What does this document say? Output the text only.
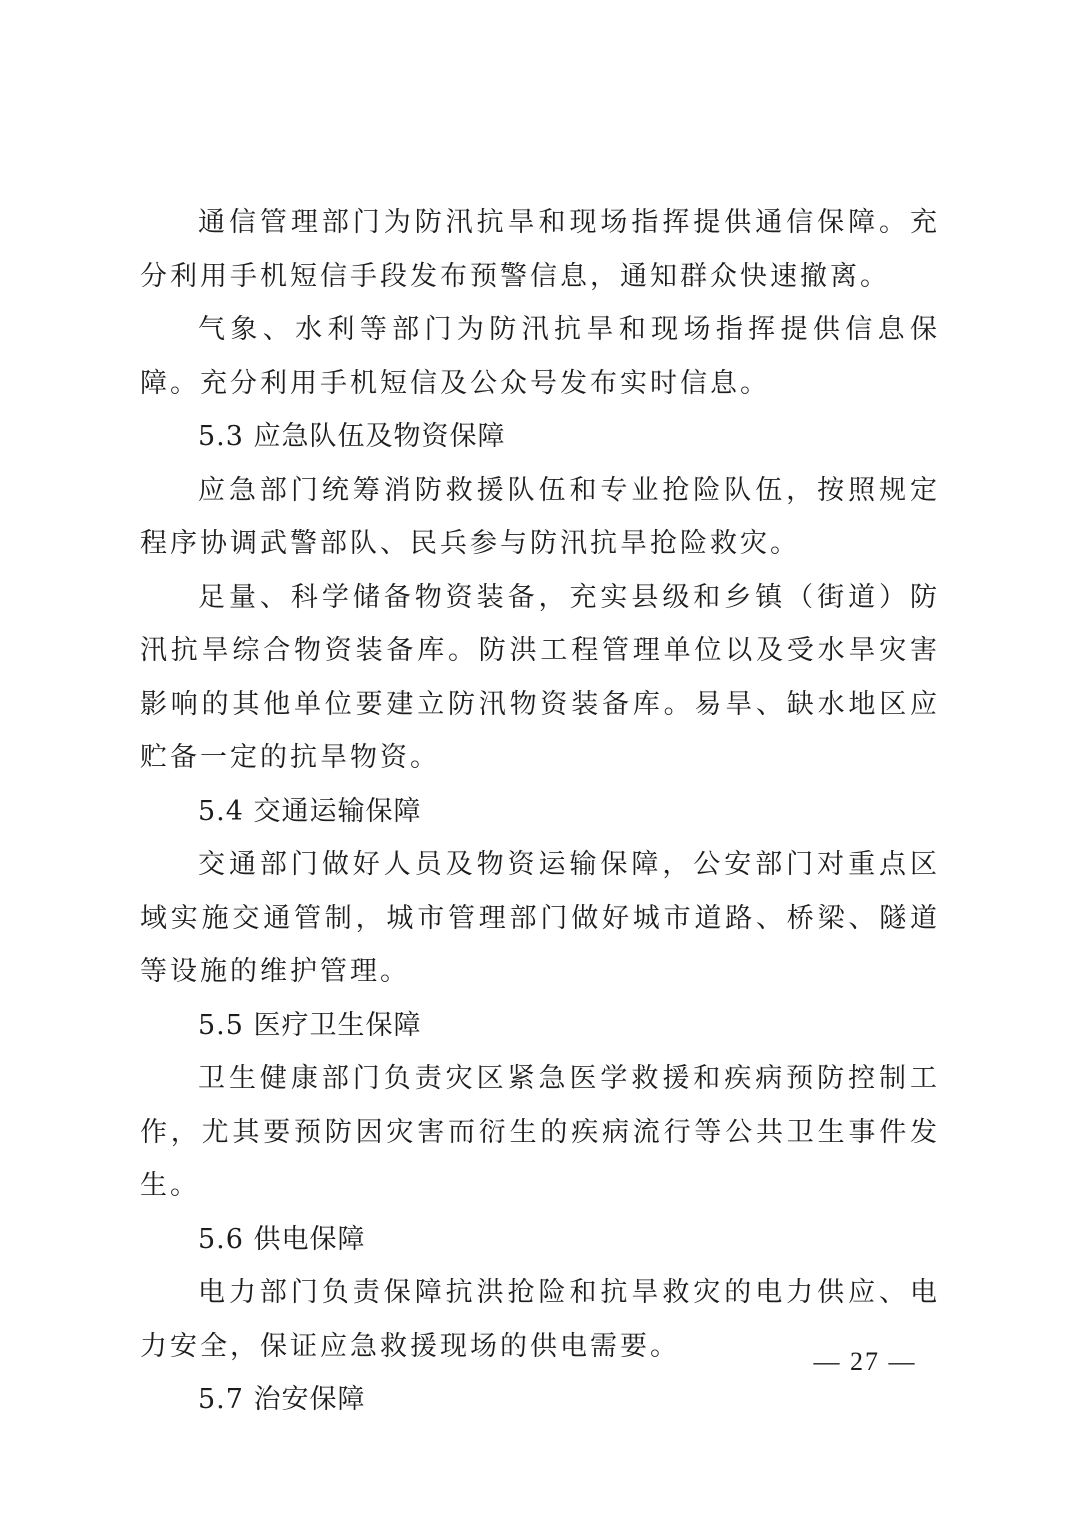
通信管理部门为防汛抗旱和现场指挥提供通信保障。充分利用手机短信手段发布预警信息，通知群众快速撤离。

气象、水利等部门为防汛抗旱和现场指挥提供信息保障。充分利用手机短信及公众号发布实时信息。

5.3 应急队伍及物资保障

应急部门统筹消防救援队伍和专业抢险队伍，按照规定程序协调武警部队、民兵参与防汛抗旱抢险救灾。

足量、科学储备物资装备，充实县级和乡镇（街道）防汛抗旱综合物资装备库。防洪工程管理单位以及受水旱灾害影响的其他单位要建立防汛物资装备库。易旱、缺水地区应贮备一定的抗旱物资。

5.4 交通运输保障

交通部门做好人员及物资运输保障，公安部门对重点区域实施交通管制，城市管理部门做好城市道路、桥梁、隧道等设施的维护管理。

5.5 医疗卫生保障

卫生健康部门负责灾区紧急医学救援和疾病预防控制工作，尤其要预防因灾害而衍生的疾病流行等公共卫生事件发生。

5.6 供电保障

电力部门负责保障抗洪抢险和抗旱救灾的电力供应、电力安全，保证应急救援现场的供电需要。

5.7 治安保障

— 27 —
